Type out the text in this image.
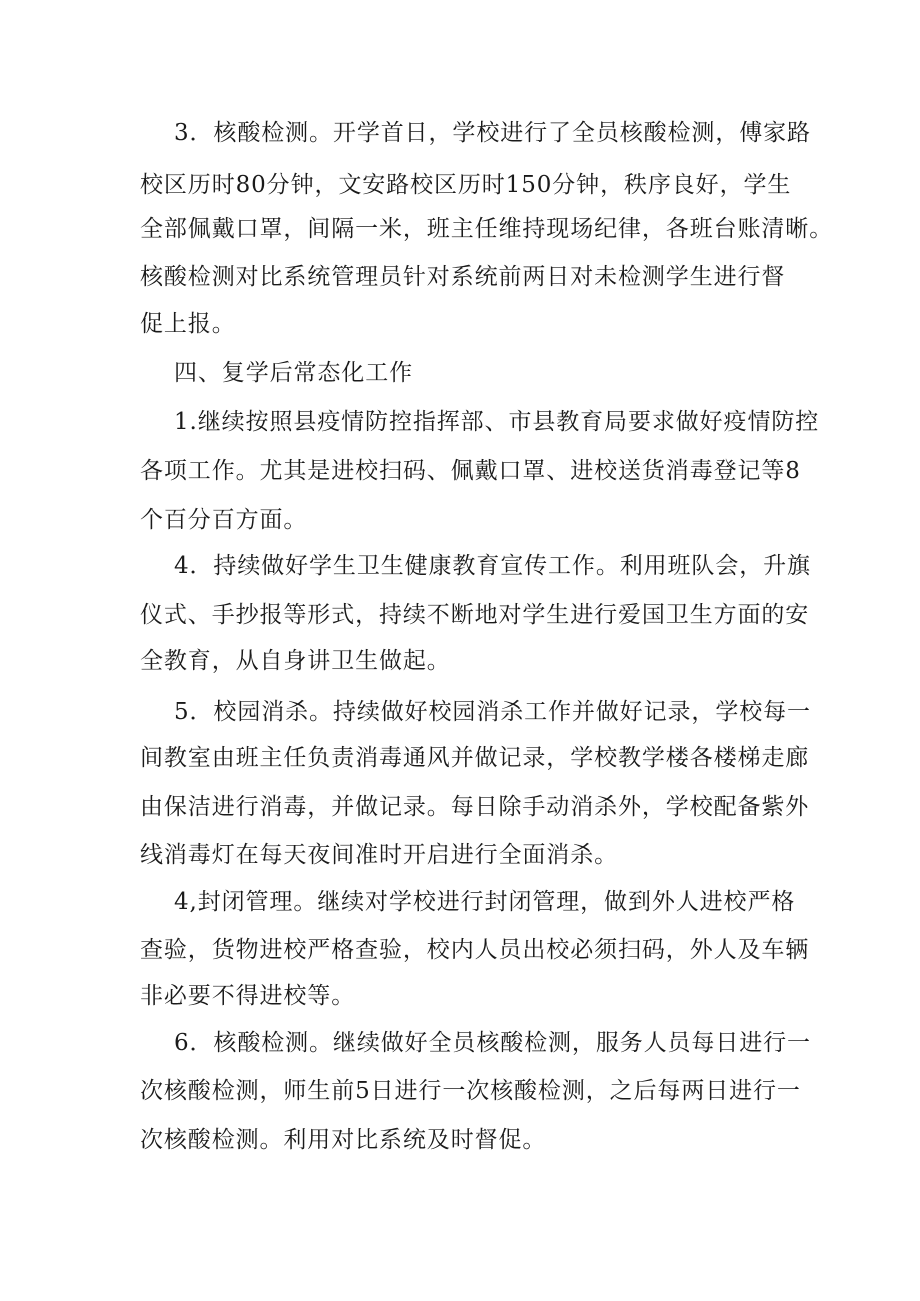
3．核酸检测。开学首日，学校进行了全员核酸检测，傅家路
校区历时80分钟，文安路校区历时150分钟，秩序良好，学生
全部佩戴口罩，间隔一米，班主任维持现场纪律，各班台账清晰。
核酸检测对比系统管理员针对系统前两日对未检测学生进行督
促上报。
四、复学后常态化工作
1.继续按照县疫情防控指挥部、市县教育局要求做好疫情防控
各项工作。尤其是进校扫码、佩戴口罩、进校送货消毒登记等8
个百分百方面。
4．持续做好学生卫生健康教育宣传工作。利用班队会，升旗
仪式、手抄报等形式，持续不断地对学生进行爱国卫生方面的安
全教育，从自身讲卫生做起。
5．校园消杀。持续做好校园消杀工作并做好记录，学校每一
间教室由班主任负责消毒通风并做记录，学校教学楼各楼梯走廊
由保洁进行消毒，并做记录。每日除手动消杀外，学校配备紫外
线消毒灯在每天夜间准时开启进行全面消杀。
4,封闭管理。继续对学校进行封闭管理，做到外人进校严格
查验，货物进校严格查验，校内人员出校必须扫码，外人及车辆
非必要不得进校等。
6．核酸检测。继续做好全员核酸检测，服务人员每日进行一
次核酸检测，师生前5日进行一次核酸检测，之后每两日进行一
次核酸检测。利用对比系统及时督促。
